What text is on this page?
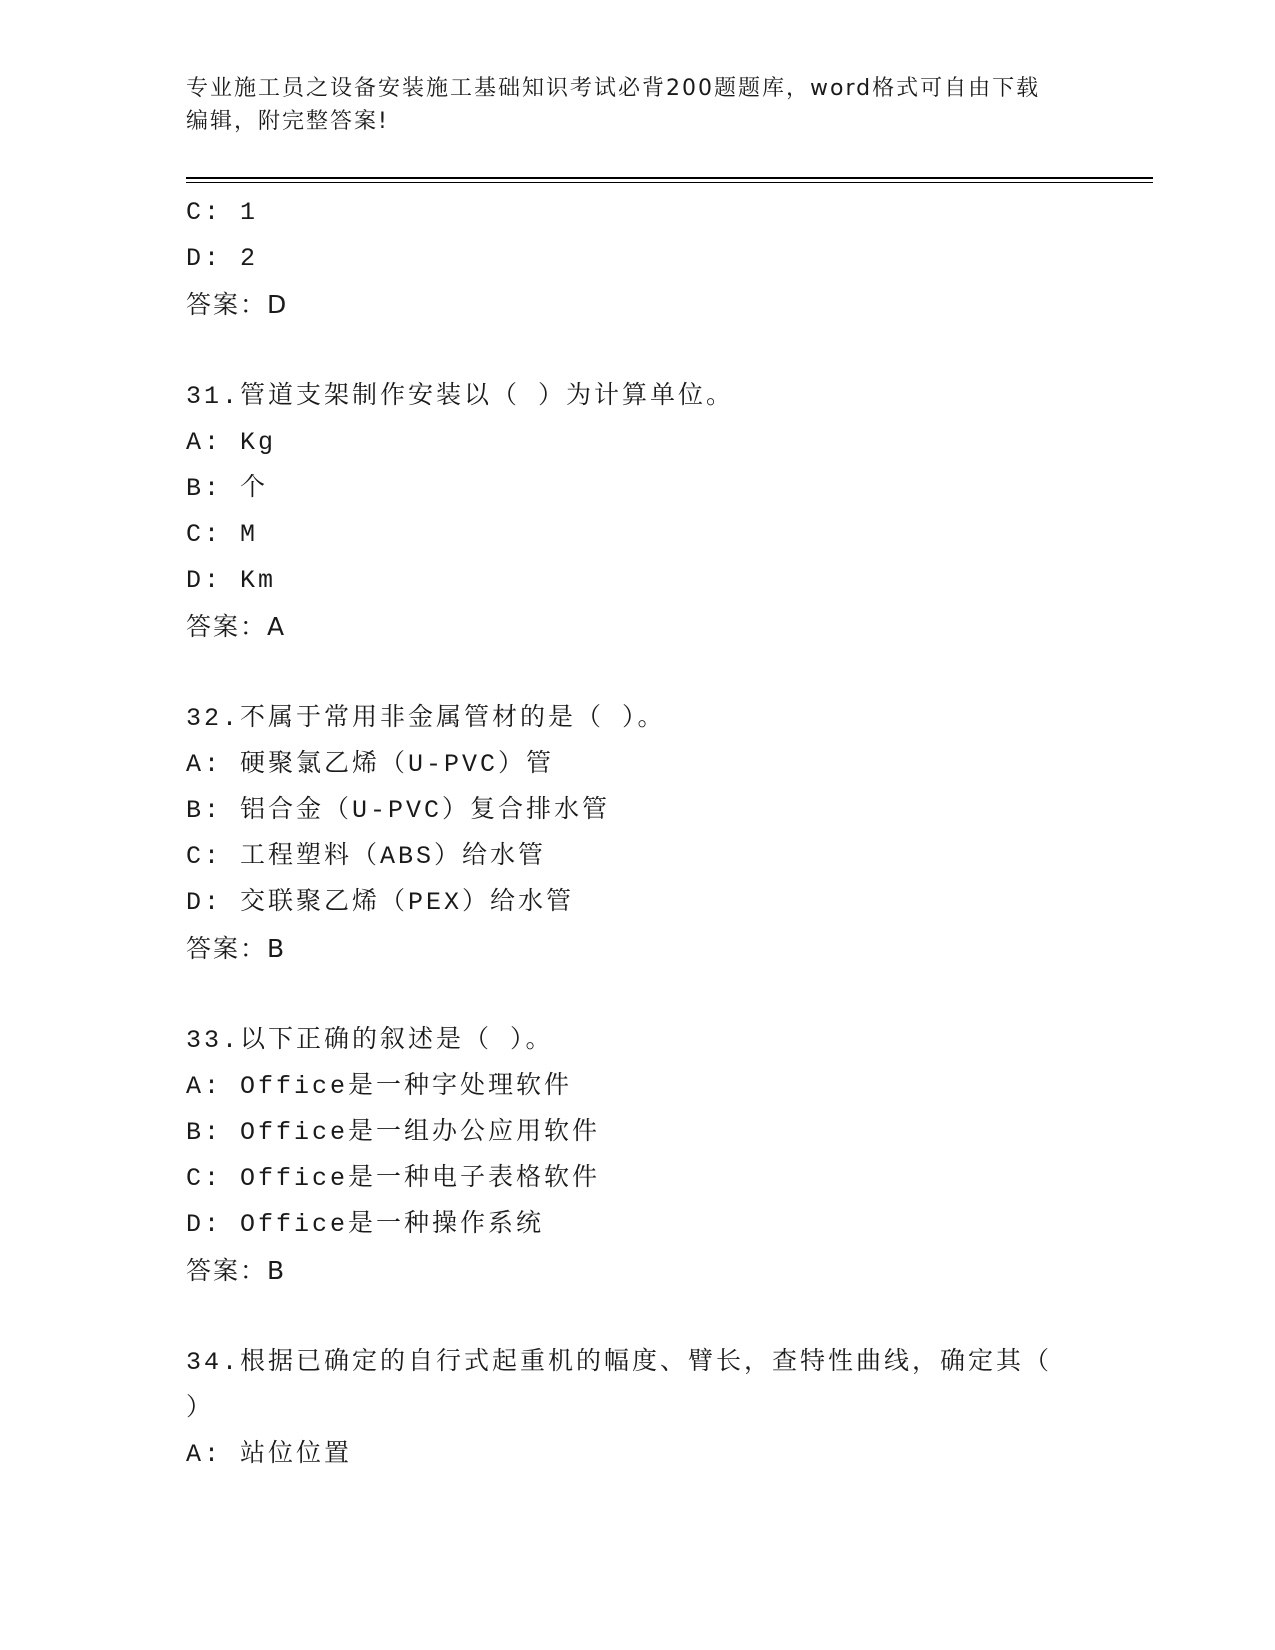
专业施工员之设备安装施工基础知识考试必背200题题库，word格式可自由下载
编辑，附完整答案!
C: 1
D: 2
答案：D
31.管道支架制作安装以（ ）为计算单位。
A: Kg
B: 个
C: M
D: Km
答案：A
32.不属于常用非金属管材的是（ ）。
A: 硬聚氯乙烯（U-PVC）管
B: 铝合金（U-PVC）复合排水管
C: 工程塑料（ABS）给水管
D: 交联聚乙烯（PEX）给水管
答案：B
33.以下正确的叙述是（ ）。
A: Office是一种字处理软件
B: Office是一组办公应用软件
C: Office是一种电子表格软件
D: Office是一种操作系统
答案：B
34.根据已确定的自行式起重机的幅度、臂长，查特性曲线，确定其（
）
A: 站位位置
